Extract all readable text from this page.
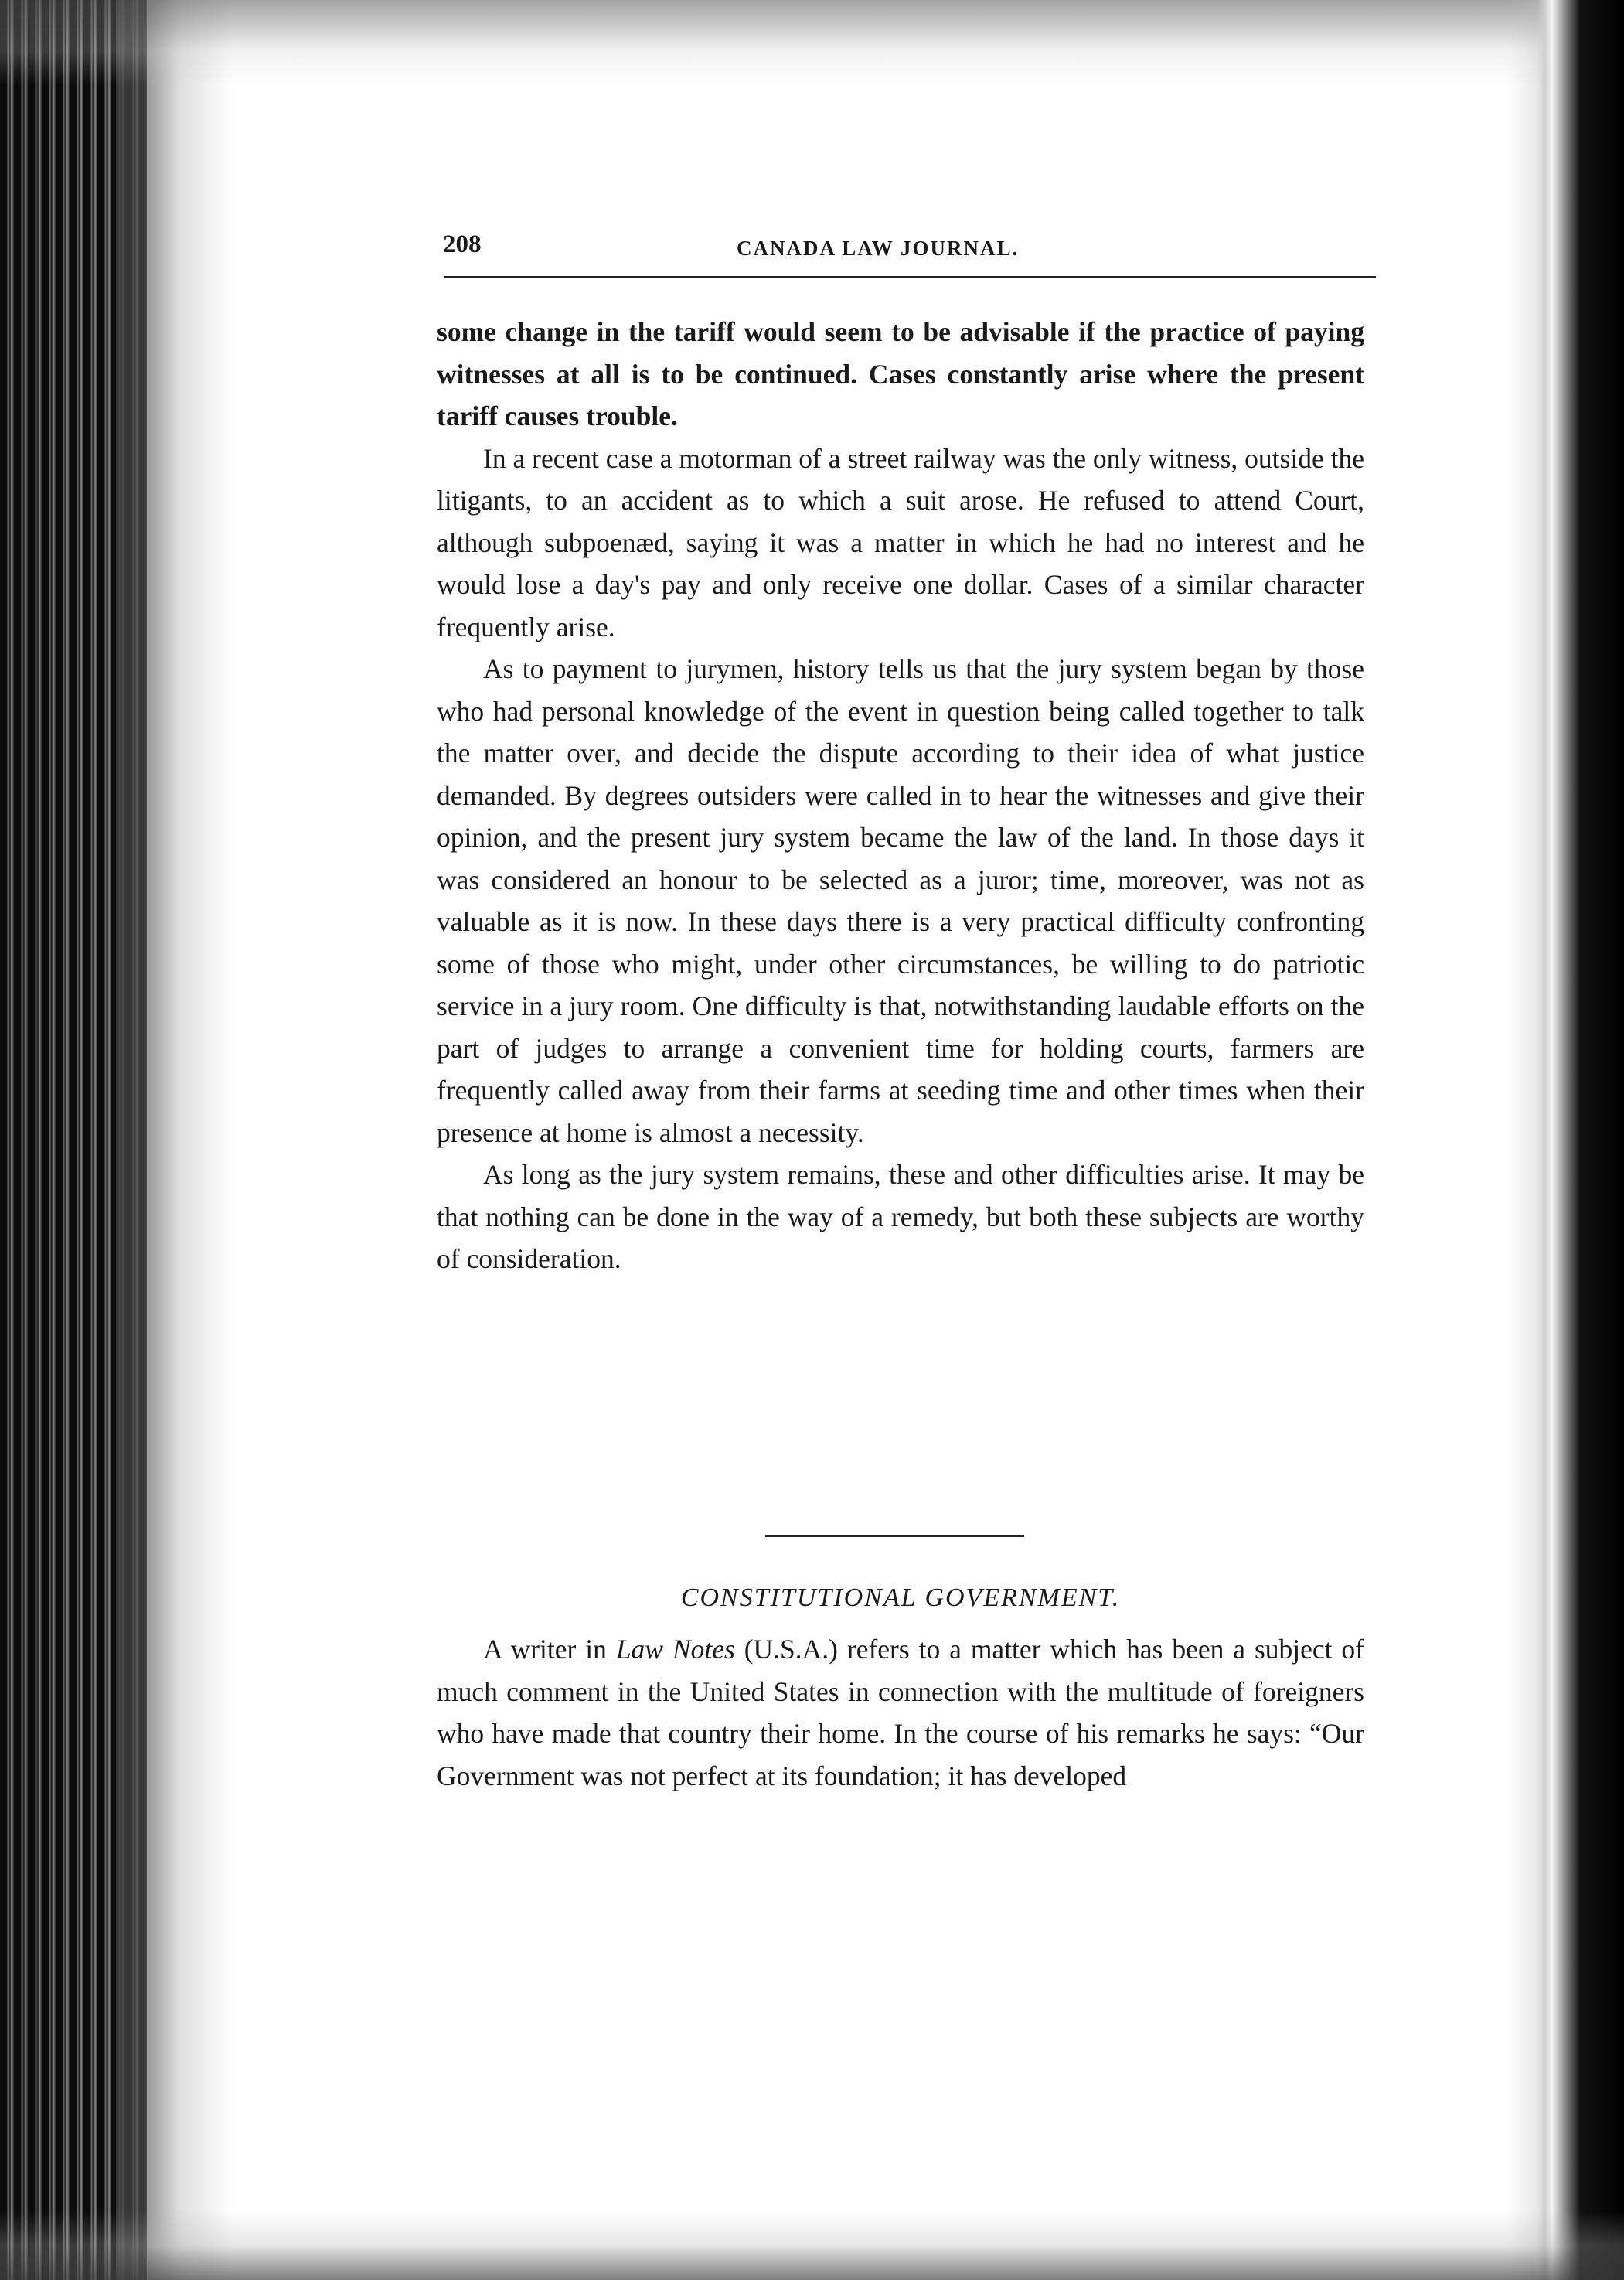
208	CANADA LAW JOURNAL.

some change in the tariff would seem to be advisable if the practice of paying witnesses at all is to be continued. Cases constantly arise where the present tariff causes trouble.

In a recent case a motorman of a street railway was the only witness, outside the litigants, to an accident as to which a suit arose. He refused to attend Court, although subpoenæd, saying it was a matter in which he had no interest and he would lose a day's pay and only receive one dollar. Cases of a similar character frequently arise.

As to payment to jurymen, history tells us that the jury system began by those who had personal knowledge of the event in question being called together to talk the matter over, and decide the dispute according to their idea of what justice demanded. By degrees outsiders were called in to hear the witnesses and give their opinion, and the present jury system became the law of the land. In those days it was considered an honour to be selected as a juror; time, moreover, was not as valuable as it is now. In these days there is a very practical difficulty confronting some of those who might, under other circumstances, be willing to do patriotic service in a jury room. One difficulty is that, notwithstanding laudable efforts on the part of judges to arrange a convenient time for holding courts, farmers are frequently called away from their farms at seeding time and other times when their presence at home is almost a necessity.

As long as the jury system remains, these and other difficulties arise. It may be that nothing can be done in the way of a remedy, but both these subjects are worthy of consideration.

CONSTITUTIONAL GOVERNMENT.

A writer in Law Notes (U.S.A.) refers to a matter which has been a subject of much comment in the United States in connection with the multitude of foreigners who have made that country their home. In the course of his remarks he says: “Our Government was not perfect at its foundation; it has developed
